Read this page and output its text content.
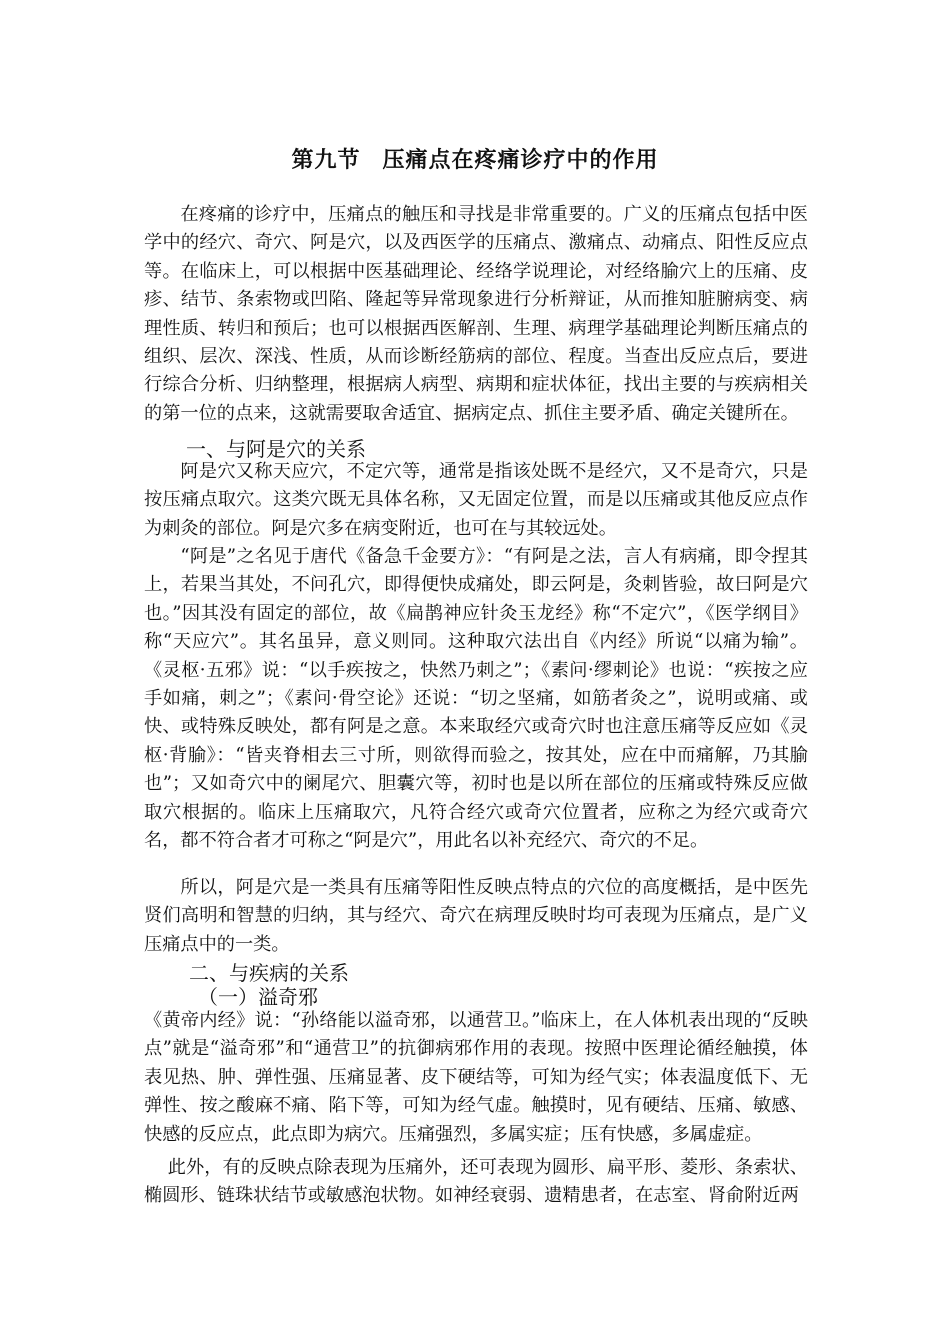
第九节 压痛点在疼痛诊疗中的作用

在疼痛的诊疗中，压痛点的触压和寻找是非常重要的。广义的压痛点包括中医学中的经穴、奇穴、阿是穴，以及西医学的压痛点、激痛点、动痛点、阳性反应点等。在临床上，可以根据中医基础理论、经络学说理论，对经络腧穴上的压痛、皮疹、结节、条索物或凹陷、隆起等异常现象进行分析辩证，从而推知脏腑病变、病理性质、转归和预后；也可以根据西医解剖、生理、病理学基础理论判断压痛点的组织、层次、深浅、性质，从而诊断经筋病的部位、程度。当查出反应点后，要进行综合分析、归纳整理，根据病人病型、病期和症状体征，找出主要的与疾病相关的第一位的点来，这就需要取舍适宜、据病定点、抓住主要矛盾、确定关键所在。

一、与阿是穴的关系

阿是穴又称天应穴，不定穴等，通常是指该处既不是经穴，又不是奇穴，只是按压痛点取穴。这类穴既无具体名称，又无固定位置，而是以压痛或其他反应点作为刺灸的部位。阿是穴多在病变附近，也可在与其较远处。

“阿是”之名见于唐代《备急千金要方》：“有阿是之法，言人有病痛，即令捏其上，若果当其处，不问孔穴，即得便快成痛处，即云阿是，灸刺皆验，故曰阿是穴也。”因其没有固定的部位，故《扁鹊神应针灸玉龙经》称“不定穴”，《医学纲目》称“天应穴”。其名虽异，意义则同。这种取穴法出自《内经》所说“以痛为输”。《灵枢·五邪》说：“以手疾按之，快然乃刺之”；《素问·缪刺论》也说：“疾按之应手如痛，刺之”；《素问·骨空论》还说：“切之坚痛，如筋者灸之”，说明或痛、或快、或特殊反映处，都有阿是之意。本来取经穴或奇穴时也注意压痛等反应如《灵枢·背腧》：“皆夹脊相去三寸所，则欲得而验之，按其处，应在中而痛解，乃其腧也”；又如奇穴中的阑尾穴、胆囊穴等，初时也是以所在部位的压痛或特殊反应做取穴根据的。临床上压痛取穴，凡符合经穴或奇穴位置者，应称之为经穴或奇穴名，都不符合者才可称之“阿是穴”，用此名以补充经穴、奇穴的不足。

所以，阿是穴是一类具有压痛等阳性反映点特点的穴位的高度概括，是中医先贤们高明和智慧的归纳，其与经穴、奇穴在病理反映时均可表现为压痛点，是广义压痛点中的一类。

二、与疾病的关系
（一）溢奇邪

《黄帝内经》说：“孙络能以溢奇邪，以通营卫。”临床上，在人体机表出现的“反映点”就是“溢奇邪”和“通营卫”的抗御病邪作用的表现。按照中医理论循经触摸，体表见热、肿、弹性强、压痛显著、皮下硬结等，可知为经气实；体表温度低下、无弹性、按之酸麻不痛、陷下等，可知为经气虚。触摸时，见有硬结、压痛、敏感、快感的反应点，此点即为病穴。压痛强烈，多属实症；压有快感，多属虚症。

此外，有的反映点除表现为压痛外，还可表现为圆形、扁平形、菱形、条索状、椭圆形、链珠状结节或敏感泡状物。如神经衰弱、遗精患者，在志室、肾俞附近两
